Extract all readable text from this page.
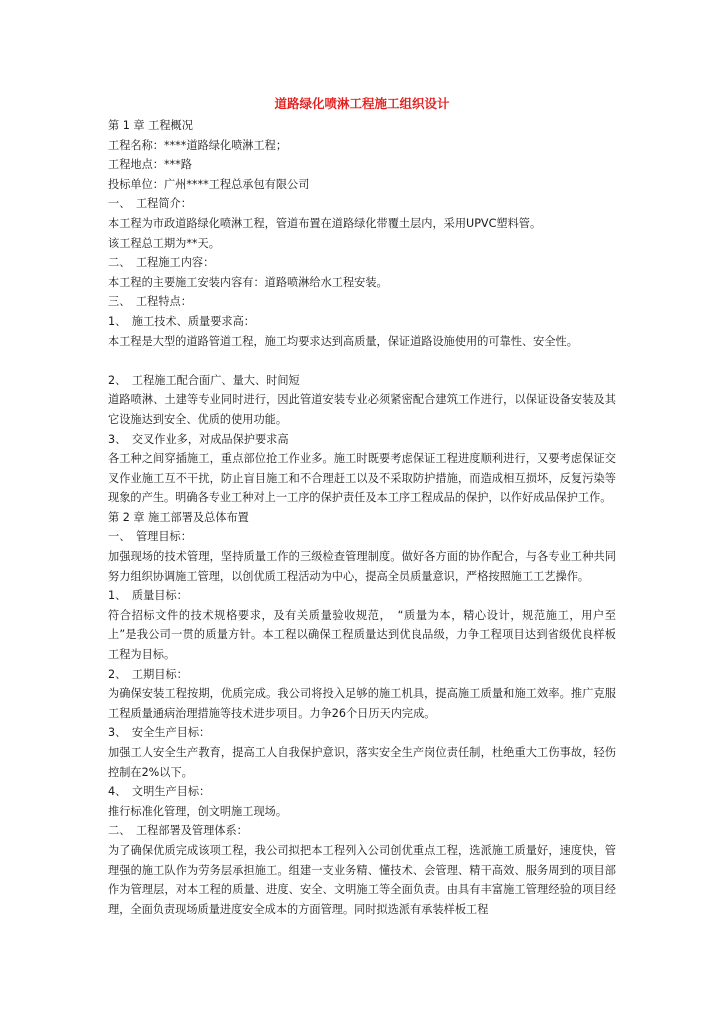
道路绿化喷淋工程施工组织设计
第 1 章 工程概况
工程名称：****道路绿化喷淋工程；
工程地点：***路
投标单位：广州****工程总承包有限公司
一、　工程简介：
本工程为市政道路绿化喷淋工程，管道布置在道路绿化带覆土层内，采用UPVC塑料管。
该工程总工期为**天。
二、　工程施工内容：
本工程的主要施工安装内容有：道路喷淋给水工程安装。
三、　工程特点：
1、　施工技术、质量要求高：
本工程是大型的道路管道工程，施工均要求达到高质量，保证道路设施使用的可靠性、安全性。
2、　工程施工配合面广、量大、时间短
道路喷淋、土建等专业同时进行，因此管道安装专业必须紧密配合建筑工作进行，以保证设备安装及其它设施达到安全、优质的使用功能。
3、　交叉作业多，对成品保护要求高
各工种之间穿插施工，重点部位抢工作业多。施工时既要考虑保证工程进度顺利进行，又要考虑保证交叉作业施工互不干扰，防止盲目施工和不合理赶工以及不采取防护措施，而造成相互损坏，反复污染等现象的产生。明确各专业工种对上一工序的保护责任及本工序工程成品的保护，以作好成品保护工作。
第 2 章 施工部署及总体布置
一、　管理目标：
加强现场的技术管理，坚持质量工作的三级检查管理制度。做好各方面的协作配合，与各专业工种共同努力组织协调施工管理，以创优质工程活动为中心，提高全员质量意识，严格按照施工工艺操作。
1、　质量目标：
符合招标文件的技术规格要求，及有关质量验收规范，　“质量为本，精心设计，规范施工，用户至上”是我公司一贯的质量方针。本工程以确保工程质量达到优良品级，力争工程项目达到省级优良样板工程为目标。
2、　工期目标：
为确保安装工程按期，优质完成。我公司将投入足够的施工机具，提高施工质量和施工效率。推广克服工程质量通病治理措施等技术进步项目。力争26个日历天内完成。
3、　安全生产目标：
加强工人安全生产教育，提高工人自我保护意识，落实安全生产岗位责任制，杜绝重大工伤事故，轻伤控制在2%以下。
4、　文明生产目标：
推行标准化管理，创文明施工现场。
二、　工程部署及管理体系：
为了确保优质完成该项工程，我公司拟把本工程列入公司创优重点工程，选派施工质量好，速度快，管理强的施工队作为劳务层承担施工。组建一支业务精、懂技术、会管理、精干高效、服务周到的项目部作为管理层，对本工程的质量、进度、安全、文明施工等全面负责。由具有丰富施工管理经验的项目经理，全面负责现场质量进度安全成本的方面管理。同时拟选派有承装样板工程
